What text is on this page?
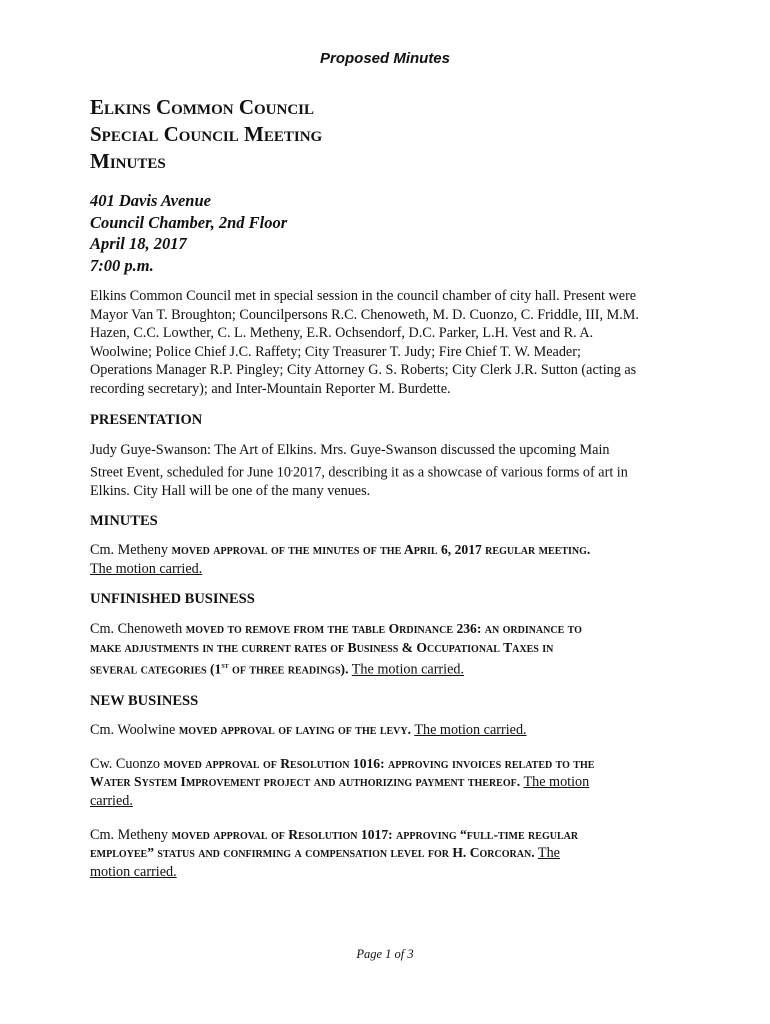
Proposed Minutes
Elkins Common Council
Special Council Meeting
Minutes
401 Davis Avenue
Council Chamber, 2nd Floor
April 18, 2017
7:00 p.m.

Elkins Common Council met in special session in the council chamber of city hall. Present were
Mayor Van T. Broughton; Councilpersons R.C. Chenoweth, M. D. Cuonzo, C. Friddle, III, M.M.
Hazen, C.C. Lowther, C. L. Metheny, E.R. Ochsendorf, D.C. Parker, L.H. Vest and R. A.
Woolwine; Police Chief J.C. Raffety; City Treasurer T. Judy; Fire Chief T. W. Meader;
Operations Manager R.P. Pingley; City Attorney G. S. Roberts; City Clerk J.R. Sutton (acting as
recording secretary); and Inter-Mountain Reporter M. Burdette.

PRESENTATION

Judy Guye-Swanson: The Art of Elkins. Mrs. Guye-Swanson discussed the upcoming Main
Street Event, scheduled for June 10,2017, describing it as a showcase of various forms of art in
Elkins. City Hall will be one of the many venues.

MINUTES

Cm. Metheny moved approval of the minutes of the April 6, 2017 regular meeting.
The motion carried.

UNFINISHED BUSINESS

Cm. Chenoweth moved to remove from the table Ordinance 236: an ordinance to
make adjustments in the current rates of Business & Occupational Taxes in
several categories (1st of three readings). The motion carried.

NEW BUSINESS

Cm. Woolwine moved approval of laying of the levy. The motion carried.

Cw. Cuonzo moved approval of Resolution 1016: approving invoices related to the
Water System Improvement project and authorizing payment thereof. The motion
carried.

Cm. Metheny moved approval of Resolution 1017: approving “full-time regular
employee” status and confirming a compensation level for H. Corcoran. The
motion carried.

Page 1 of 3
